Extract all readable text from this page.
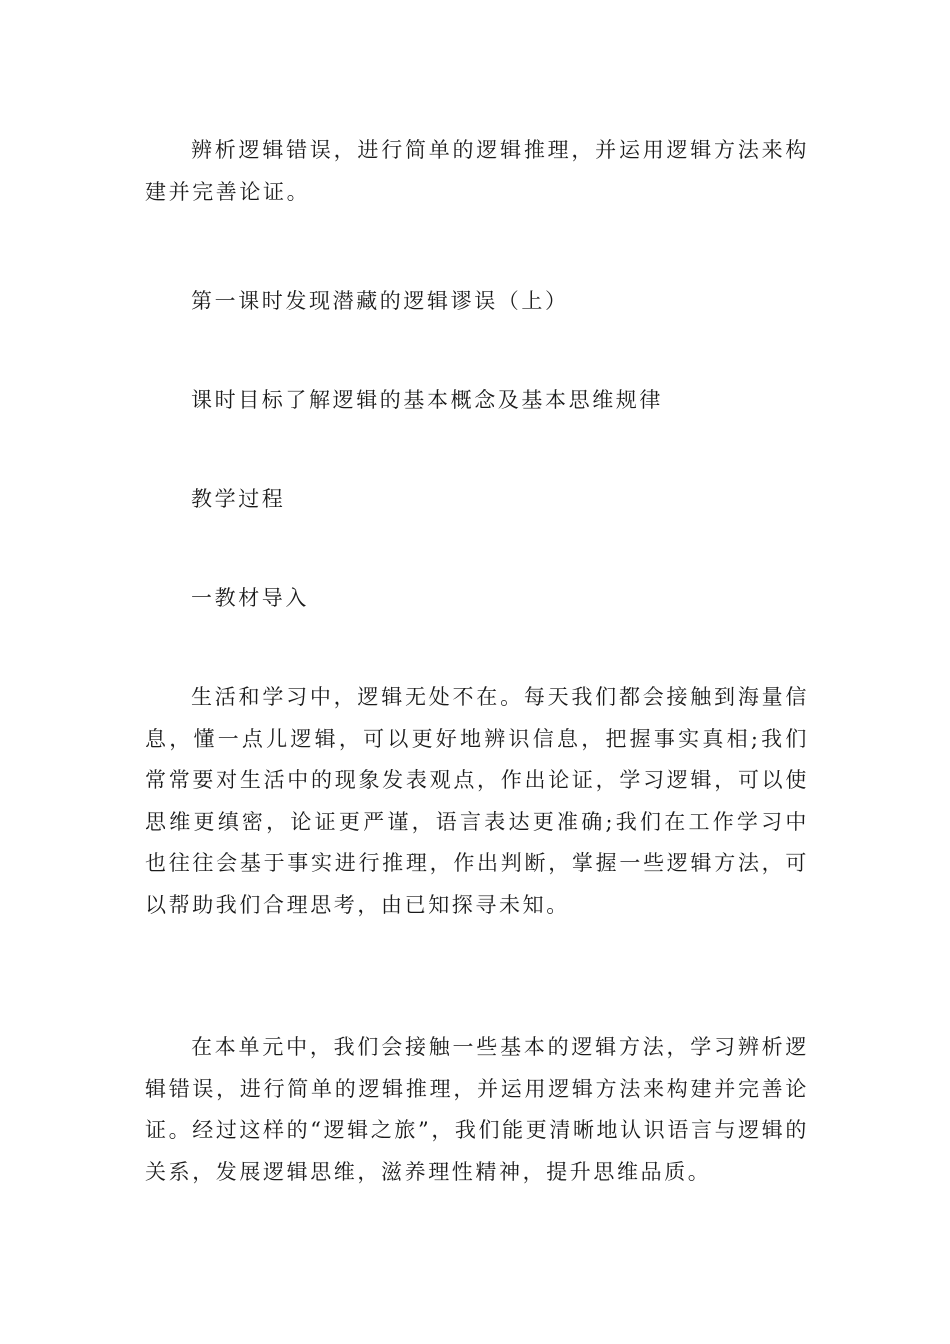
辨析逻辑错误，进行简单的逻辑推理，并运用逻辑方法来构建并完善论证。

第一课时发现潜藏的逻辑谬误（上）

课时目标了解逻辑的基本概念及基本思维规律

教学过程

一教材导入

生活和学习中，逻辑无处不在。每天我们都会接触到海量信息，懂一点儿逻辑，可以更好地辨识信息，把握事实真相;我们常常要对生活中的现象发表观点，作出论证，学习逻辑，可以使思维更缜密，论证更严谨，语言表达更准确;我们在工作学习中也往往会基于事实进行推理，作出判断，掌握一些逻辑方法，可以帮助我们合理思考，由已知探寻未知。

在本单元中，我们会接触一些基本的逻辑方法，学习辨析逻辑错误，进行简单的逻辑推理，并运用逻辑方法来构建并完善论证。经过这样的“逻辑之旅”，我们能更清晰地认识语言与逻辑的关系，发展逻辑思维，滋养理性精神，提升思维品质。
